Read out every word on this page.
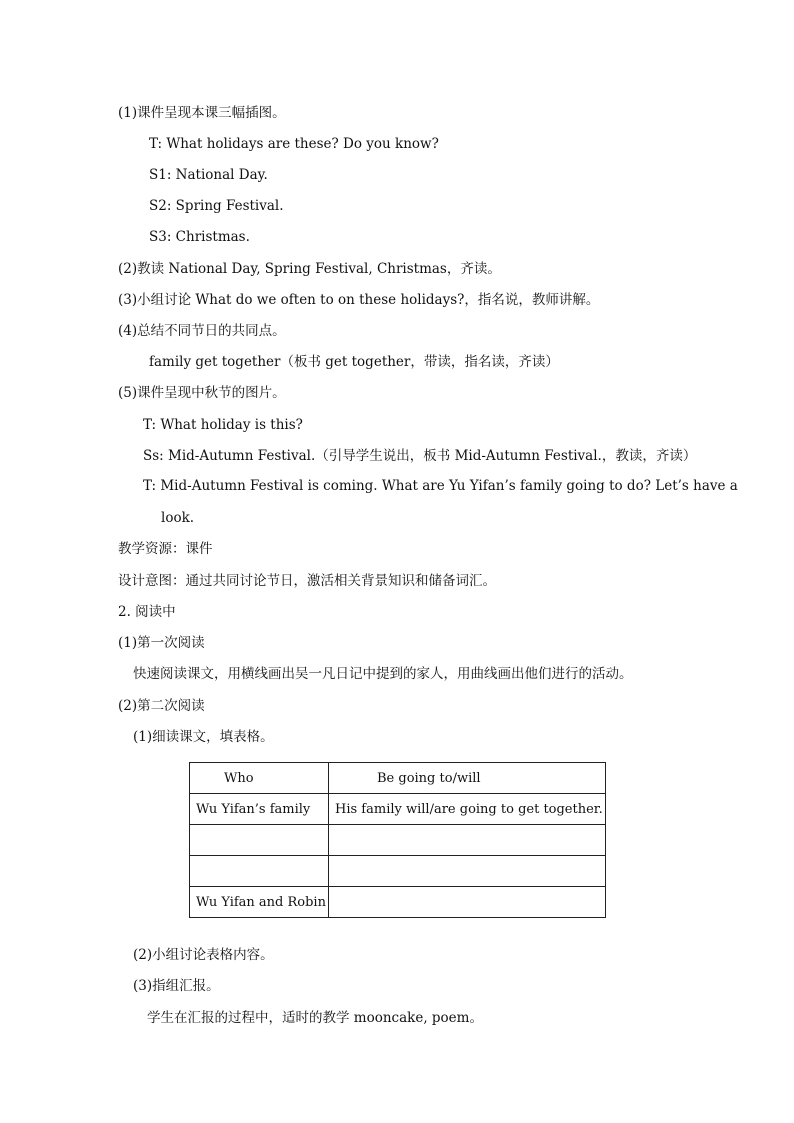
(1)课件呈现本课三幅插图。
T: What holidays are these? Do you know?
S1: National Day.
S2: Spring Festival.
S3: Christmas.
(2)教读 National Day, Spring Festival, Christmas，齐读。
(3)小组讨论 What do we often to on these holidays?，指名说，教师讲解。
(4)总结不同节日的共同点。
family get together（板书 get together，带读，指名读，齐读）
(5)课件呈现中秋节的图片。
T: What holiday is this?
Ss: Mid-Autumn Festival.（引导学生说出，板书 Mid-Autumn Festival.，教读，齐读）
T: Mid-Autumn Festival is coming. What are Yu Yifan’s family going to do? Let’s have a
look.
教学资源：课件
设计意图：通过共同讨论节日，激活相关背景知识和储备词汇。
2. 阅读中
(1)第一次阅读
快速阅读课文，用横线画出吴一凡日记中提到的家人，用曲线画出他们进行的活动。
(2)第二次阅读
(1)细读课文，填表格。
Who	Be going to/will
Wu Yifan’s family	His family will/are going to get together.

Wu Yifan and Robin	
(2)小组讨论表格内容。
(3)指组汇报。
学生在汇报的过程中，适时的教学 mooncake, poem。
